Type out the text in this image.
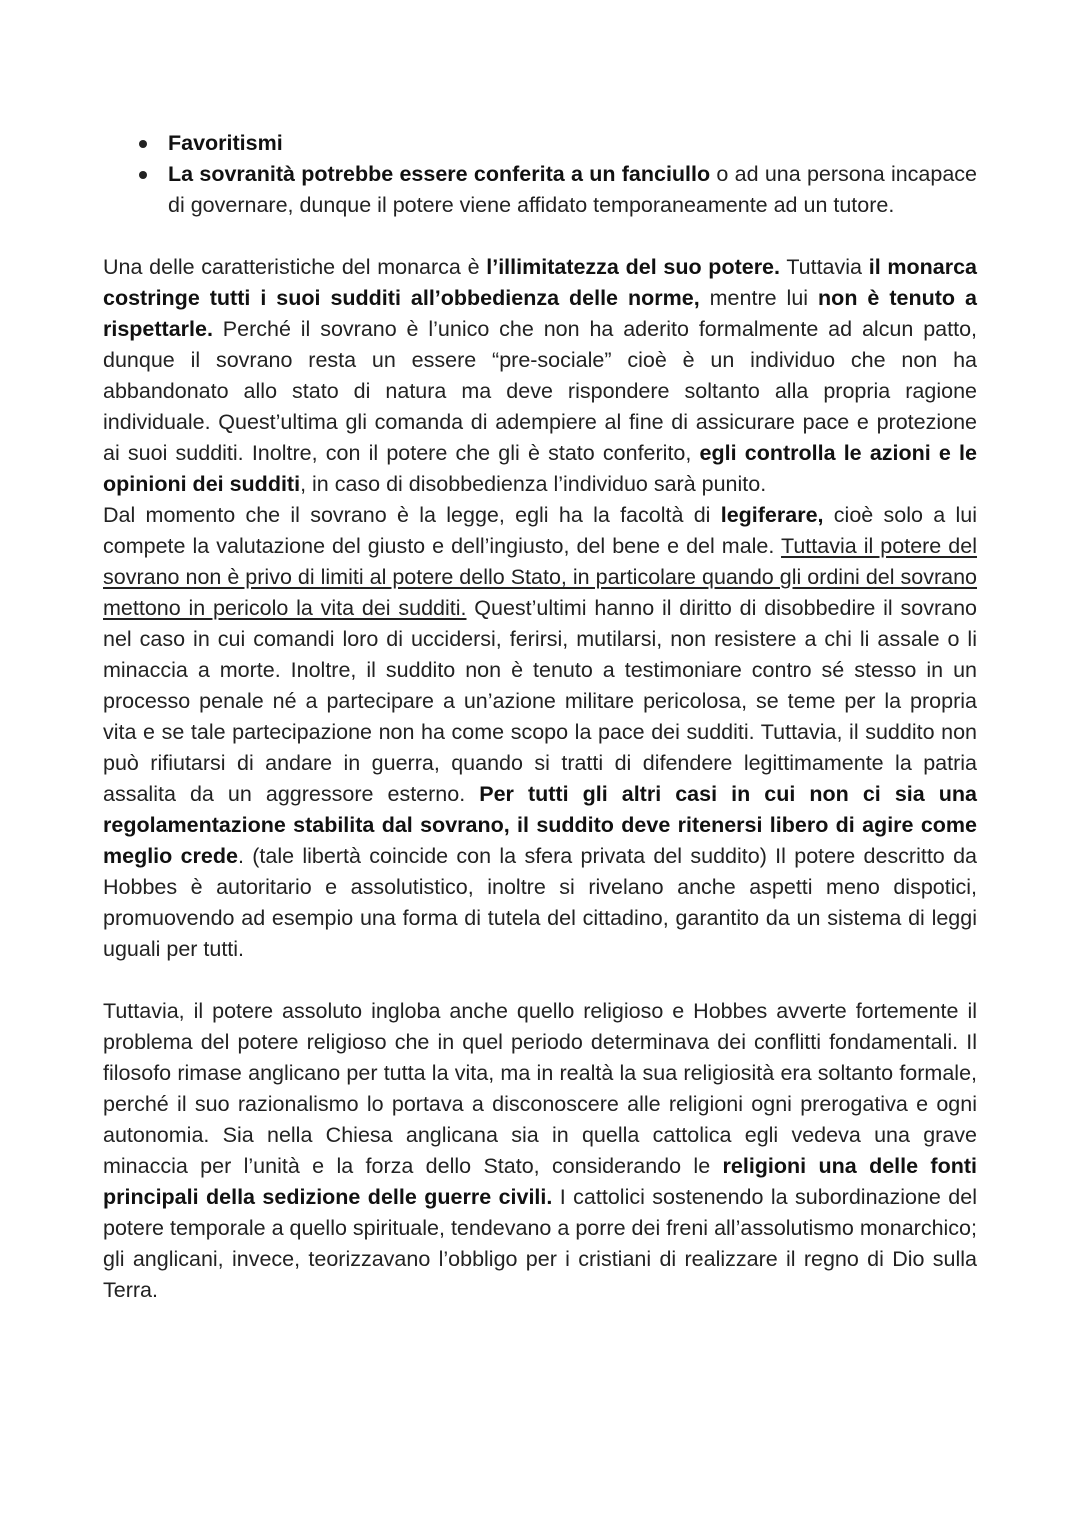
Favoritismi
La sovranità potrebbe essere conferita a un fanciullo o ad una persona incapace di governare, dunque il potere viene affidato temporaneamente ad un tutore.

Una delle caratteristiche del monarca è l’illimitatezza del suo potere. Tuttavia il monarca costringe tutti i suoi sudditi all’obbedienza delle norme, mentre lui non è tenuto a rispettarle. Perché il sovrano è l’unico che non ha aderito formalmente ad alcun patto, dunque il sovrano resta un essere “pre-sociale” cioè è un individuo che non ha abbandonato allo stato di natura ma deve rispondere soltanto alla propria ragione individuale. Quest’ultima gli comanda di adempiere al fine di assicurare pace e protezione ai suoi sudditi. Inoltre, con il potere che gli è stato conferito, egli controlla le azioni e le opinioni dei sudditi, in caso di disobbedienza l’individuo sarà punito.

Dal momento che il sovrano è la legge, egli ha la facoltà di legiferare, cioè solo a lui compete la valutazione del giusto e dell’ingiusto, del bene e del male. Tuttavia il potere del sovrano non è privo di limiti al potere dello Stato, in particolare quando gli ordini del sovrano mettono in pericolo la vita dei sudditi. Quest’ultimi hanno il diritto di disobbedire il sovrano nel caso in cui comandi loro di uccidersi, ferirsi, mutilarsi, non resistere a chi li assale o li minaccia a morte. Inoltre, il suddito non è tenuto a testimoniare contro sé stesso in un processo penale né a partecipare a un’azione militare pericolosa, se teme per la propria vita e se tale partecipazione non ha come scopo la pace dei sudditi. Tuttavia, il suddito non può rifiutarsi di andare in guerra, quando si tratti di difendere legittimamente la patria assalita da un aggressore esterno. Per tutti gli altri casi in cui non ci sia una regolamentazione stabilita dal sovrano, il suddito deve ritenersi libero di agire come meglio crede. (tale libertà coincide con la sfera privata del suddito) Il potere descritto da Hobbes è autoritario e assolutistico, inoltre si rivelano anche aspetti meno dispotici, promuovendo ad esempio una forma di tutela del cittadino, garantito da un sistema di leggi uguali per tutti.

Tuttavia, il potere assoluto ingloba anche quello religioso e Hobbes avverte fortemente il problema del potere religioso che in quel periodo determinava dei conflitti fondamentali. Il filosofo rimase anglicano per tutta la vita, ma in realtà la sua religiosità era soltanto formale, perché il suo razionalismo lo portava a disconoscere alle religioni ogni prerogativa e ogni autonomia. Sia nella Chiesa anglicana sia in quella cattolica egli vedeva una grave minaccia per l’unità e la forza dello Stato, considerando le religioni una delle fonti principali della sedizione delle guerre civili. I cattolici sostenendo la subordinazione del potere temporale a quello spirituale, tendevano a porre dei freni all’assolutismo monarchico; gli anglicani, invece, teorizzavano l’obbligo per i cristiani di realizzare il regno di Dio sulla Terra.
